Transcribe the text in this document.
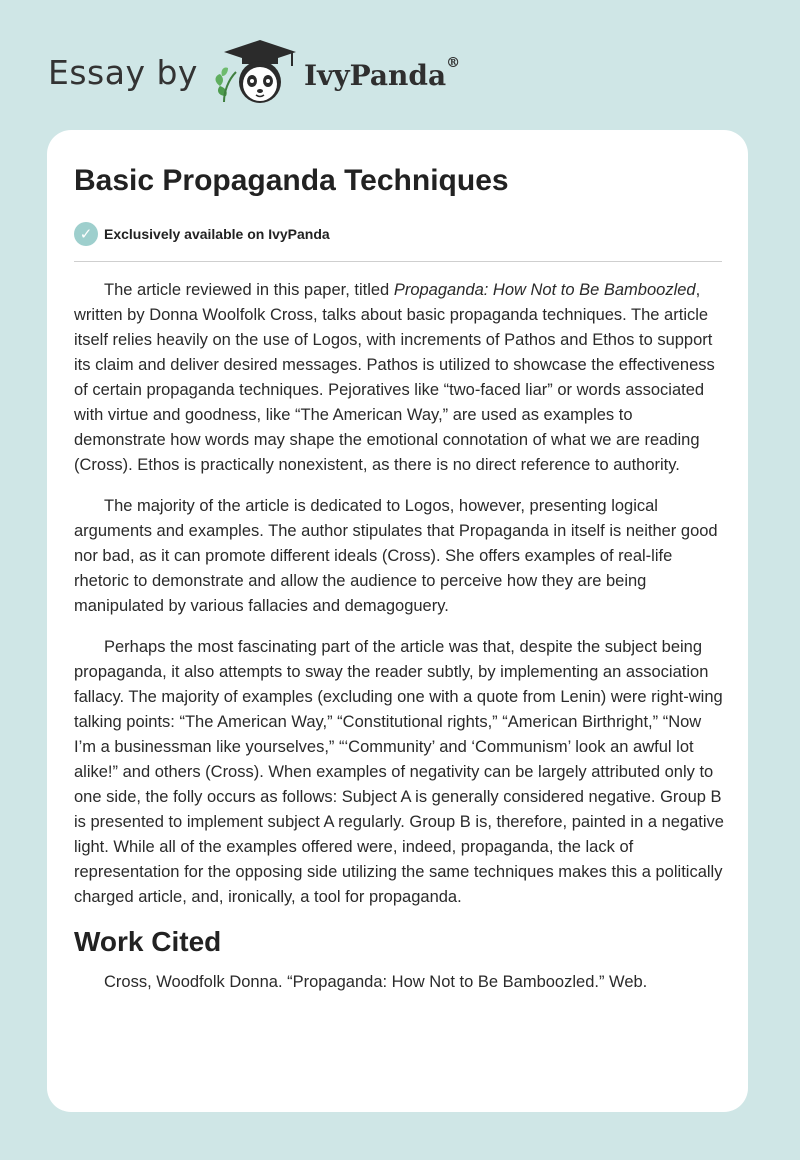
Essay by	IvyPanda®
Basic Propaganda Techniques
✓ Exclusively available on IvyPanda

The article reviewed in this paper, titled Propaganda: How Not to Be Bamboozled, written by Donna Woolfolk Cross, talks about basic propaganda techniques. The article itself relies heavily on the use of Logos, with increments of Pathos and Ethos to support its claim and deliver desired messages. Pathos is utilized to showcase the effectiveness of certain propaganda techniques. Pejoratives like “two-faced liar” or words associated with virtue and goodness, like “The American Way,” are used as examples to demonstrate how words may shape the emotional connotation of what we are reading (Cross). Ethos is practically nonexistent, as there is no direct reference to authority.

The majority of the article is dedicated to Logos, however, presenting logical arguments and examples. The author stipulates that Propaganda in itself is neither good nor bad, as it can promote different ideals (Cross). She offers examples of real-life rhetoric to demonstrate and allow the audience to perceive how they are being manipulated by various fallacies and demagoguery.

Perhaps the most fascinating part of the article was that, despite the subject being propaganda, it also attempts to sway the reader subtly, by implementing an association fallacy. The majority of examples (excluding one with a quote from Lenin) were right-wing talking points: “The American Way,” “Constitutional rights,” “American Birthright,” “Now I’m a businessman like yourselves,” “‘Community’ and ‘Communism’ look an awful lot alike!” and others (Cross). When examples of negativity can be largely attributed only to one side, the folly occurs as follows: Subject A is generally considered negative. Group B is presented to implement subject A regularly. Group B is, therefore, painted in a negative light. While all of the examples offered were, indeed, propaganda, the lack of representation for the opposing side utilizing the same techniques makes this a politically charged article, and, ironically, a tool for propaganda.

Work Cited

Cross, Woodfolk Donna. “Propaganda: How Not to Be Bamboozled.” Web.
